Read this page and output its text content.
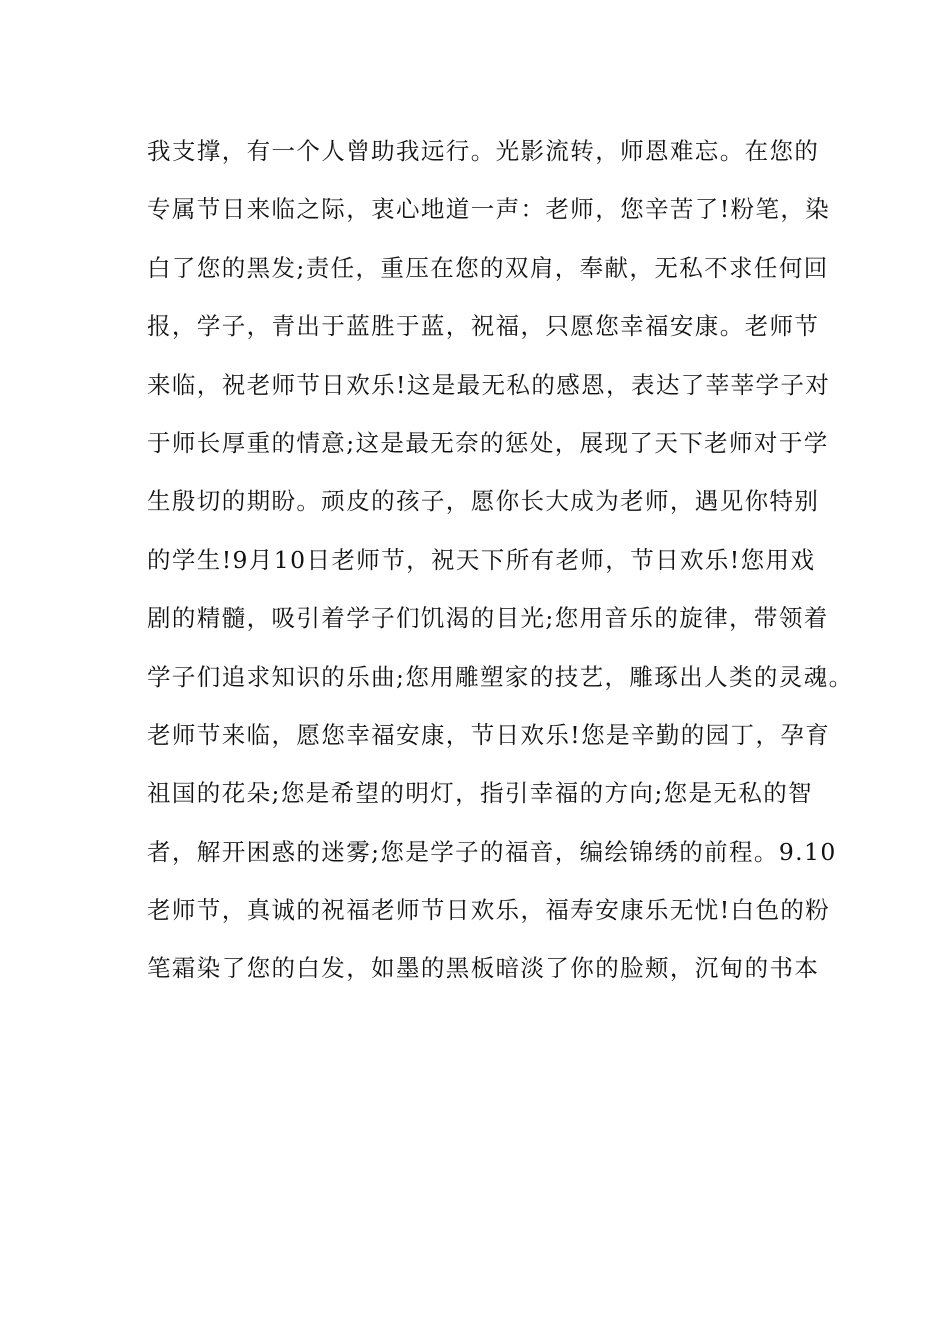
我支撑，有一个人曾助我远行。光影流转，师恩难忘。在您的
专属节日来临之际，衷心地道一声：老师，您辛苦了!粉笔，染
白了您的黑发;责任，重压在您的双肩，奉献，无私不求任何回
报，学子，青出于蓝胜于蓝，祝福，只愿您幸福安康。老师节
来临，祝老师节日欢乐!这是最无私的感恩，表达了莘莘学子对
于师长厚重的情意;这是最无奈的惩处，展现了天下老师对于学
生殷切的期盼。顽皮的孩子，愿你长大成为老师，遇见你特别
的学生!9月10日老师节，祝天下所有老师，节日欢乐!您用戏
剧的精髓，吸引着学子们饥渴的目光;您用音乐的旋律，带领着
学子们追求知识的乐曲;您用雕塑家的技艺，雕琢出人类的灵魂。
老师节来临，愿您幸福安康，节日欢乐!您是辛勤的园丁，孕育
祖国的花朵;您是希望的明灯，指引幸福的方向;您是无私的智
者，解开困惑的迷雾;您是学子的福音，编绘锦绣的前程。9.10
老师节，真诚的祝福老师节日欢乐，福寿安康乐无忧!白色的粉
笔霜染了您的白发，如墨的黑板暗淡了你的脸颊，沉甸的书本
